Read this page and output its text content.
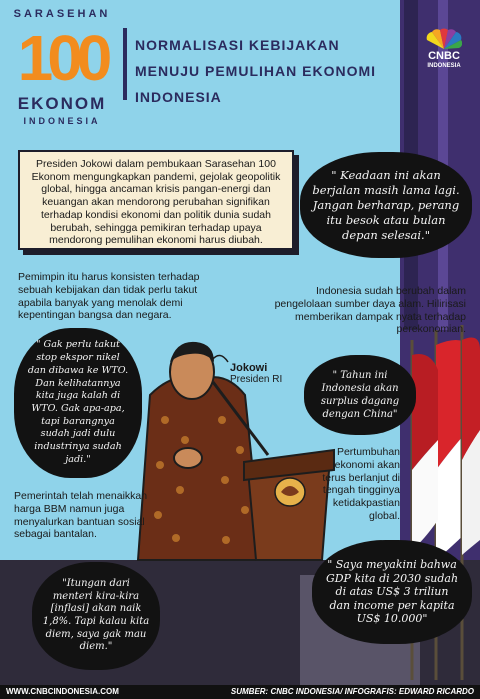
SARASEHAN
100
EKONOM
INDONESIA
NORMALISASI KEBIJAKAN
MENUJU PEMULIHAN EKONOMI
INDONESIA
CNBC
INDONESIA

Presiden Jokowi dalam pembukaan Sarasehan 100 Ekonom mengungkapkan pandemi, gejolak geopolitik global, hingga ancaman krisis pangan-energi dan keuangan akan mendorong perubahan signifikan terhadap kondisi ekonomi dan politik dunia sudah berubah, sehingga pemikiran terhadap upaya mendorong pemulihan ekonomi harus diubah.

" Keadaan ini akan berjalan masih lama lagi. Jangan berharap, perang itu besok atau bulan depan selesai."
Pemimpin itu harus konsisten terhadap sebuah kebijakan dan tidak perlu takut apabila banyak yang menolak demi kepentingan bangsa dan negara.
Indonesia sudah berubah dalam pengelolaan sumber daya alam. Hilirisasi memberikan dampak nyata terhadap perekonomian.
" Gak perlu takut stop ekspor nikel dan dibawa ke WTO. Dan kelihatannya kita juga kalah di WTO. Gak apa-apa, tapi barangnya sudah jadi dulu industrinya sudah jadi."
Jokowi
Presiden RI	" Tahun ini Indonesia akan surplus dagang dengan China"
Pertumbuhan ekonomi akan terus berlanjut di tengah tingginya ketidakpastian global.
Pemerintah telah menaikkan harga BBM namun juga menyalurkan bantuan sosial sebagai bantalan.
" Saya meyakini bahwa GDP kita di 2030 sudah di atas US$ 3 triliun dan income per kapita US$ 10.000"
"Itungan dari menteri kira-kira [inflasi] akan naik 1,8%. Tapi kalau kita diem, saya gak mau diem."
WWW.CNBCINDONESIA.COM	SUMBER: CNBC INDONESIA/ INFOGRAFIS: EDWARD RICARDO
